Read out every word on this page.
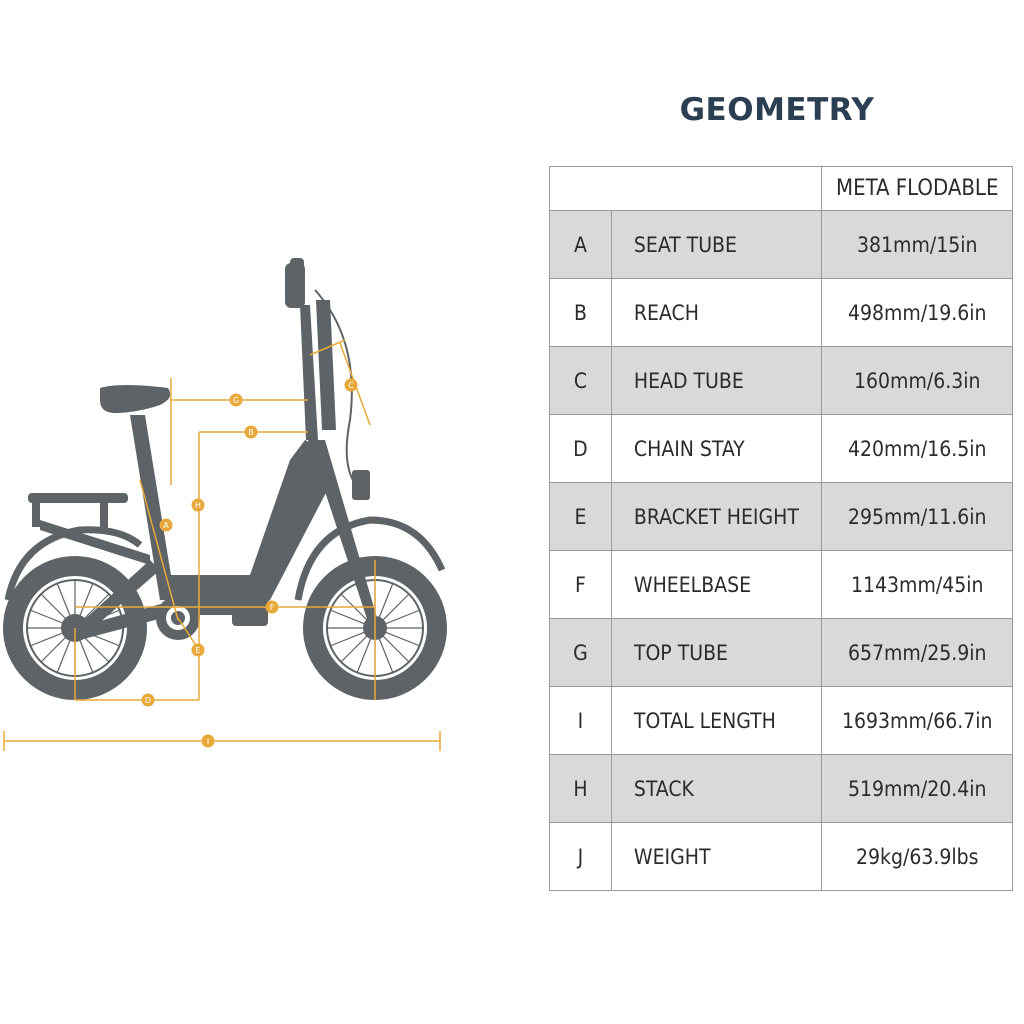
A
B
C
D
E
F
G
H
I
GEOMETRY
		META FLODABLE
A	SEAT TUBE	381mm/15in
B	REACH	498mm/19.6in
C	HEAD TUBE	160mm/6.3in
D	CHAIN STAY	420mm/16.5in
E	BRACKET HEIGHT	295mm/11.6in
F	WHEELBASE	1143mm/45in
G	TOP TUBE	657mm/25.9in
I	TOTAL LENGTH	1693mm/66.7in
H	STACK	519mm/20.4in
J	WEIGHT	29kg/63.9lbs
